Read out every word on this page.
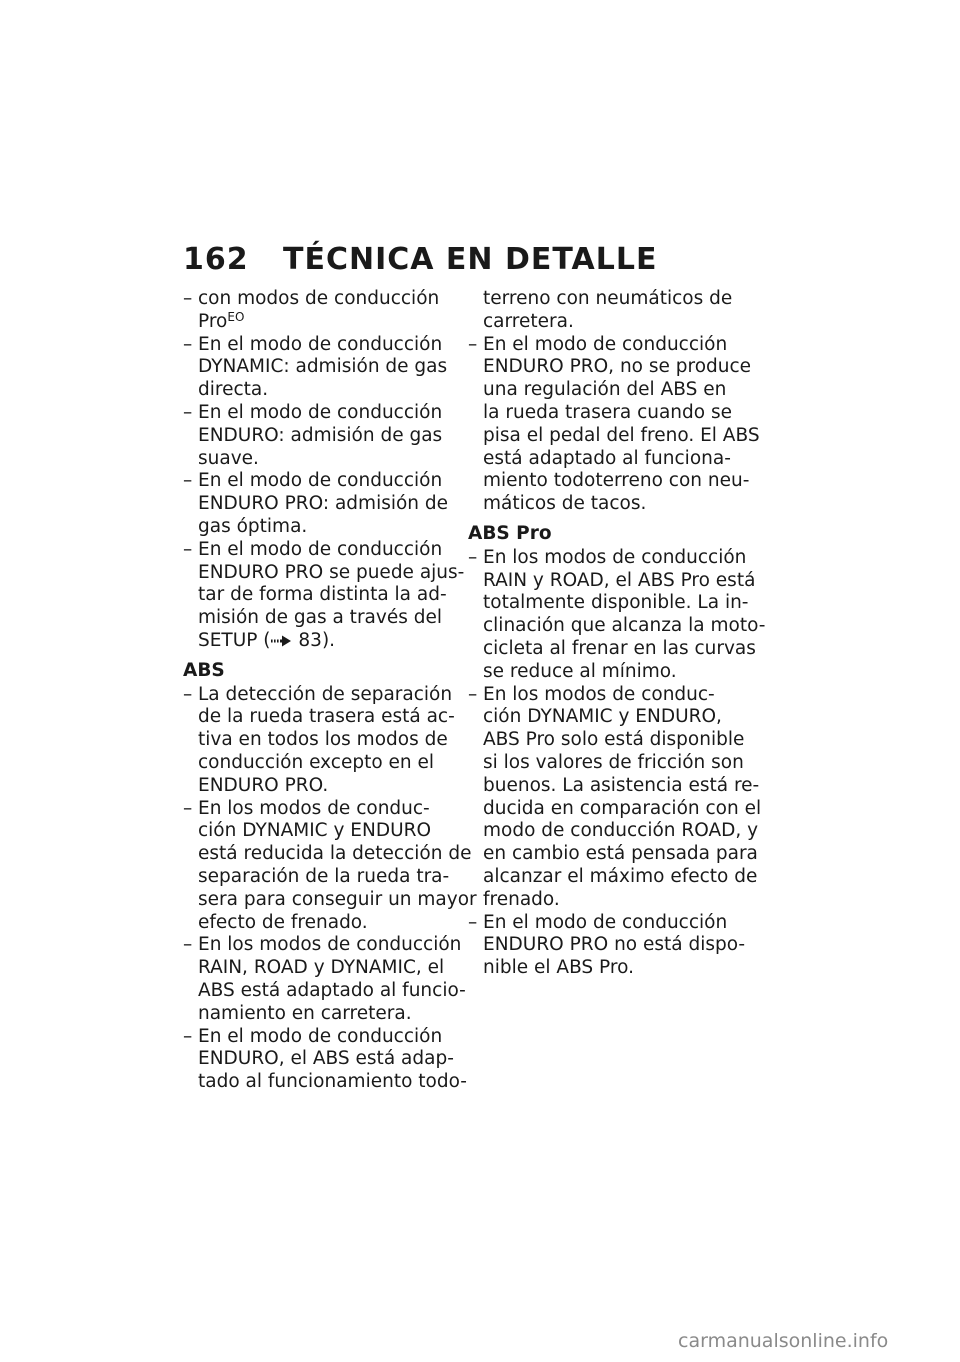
162 TÉCNICA EN DETALLE
– con modos de conducción
Pro$^{EO}$
– En el modo de conducción
DYNAMIC: admisión de gas
directa.
– En el modo de conducción
ENDURO: admisión de gas
suave.
– En el modo de conducción
ENDURO PRO: admisión de
gas óptima.
– En el modo de conducción
ENDURO PRO se puede ajus-
tar de forma distinta la ad-
misión de gas a través del
SETUP ( 83).
ABS
– La detección de separación
de la rueda trasera está ac-
tiva en todos los modos de
conducción excepto en el
ENDURO PRO.
– En los modos de conduc-
ción DYNAMIC y ENDURO
está reducida la detección de
separación de la rueda tra-
sera para conseguir un mayor
efecto de frenado.
– En los modos de conducción
RAIN, ROAD y DYNAMIC, el
ABS está adaptado al funcio-
namiento en carretera.
– En el modo de conducción
ENDURO, el ABS está adap-
tado al funcionamiento todo-
terreno con neumáticos de
carretera.
– En el modo de conducción
ENDURO PRO, no se produce
una regulación del ABS en
la rueda trasera cuando se
pisa el pedal del freno. El ABS
está adaptado al funciona-
miento todoterreno con neu-
máticos de tacos.
ABS Pro
– En los modos de conducción
RAIN y ROAD, el ABS Pro está
totalmente disponible. La in-
clinación que alcanza la moto-
cicleta al frenar en las curvas
se reduce al mínimo.
– En los modos de conduc-
ción DYNAMIC y ENDURO,
ABS Pro solo está disponible
si los valores de fricción son
buenos. La asistencia está re-
ducida en comparación con el
modo de conducción ROAD, y
en cambio está pensada para
alcanzar el máximo efecto de
frenado.
– En el modo de conducción
ENDURO PRO no está dispo-
nible el ABS Pro.
carmanualsonline.info
